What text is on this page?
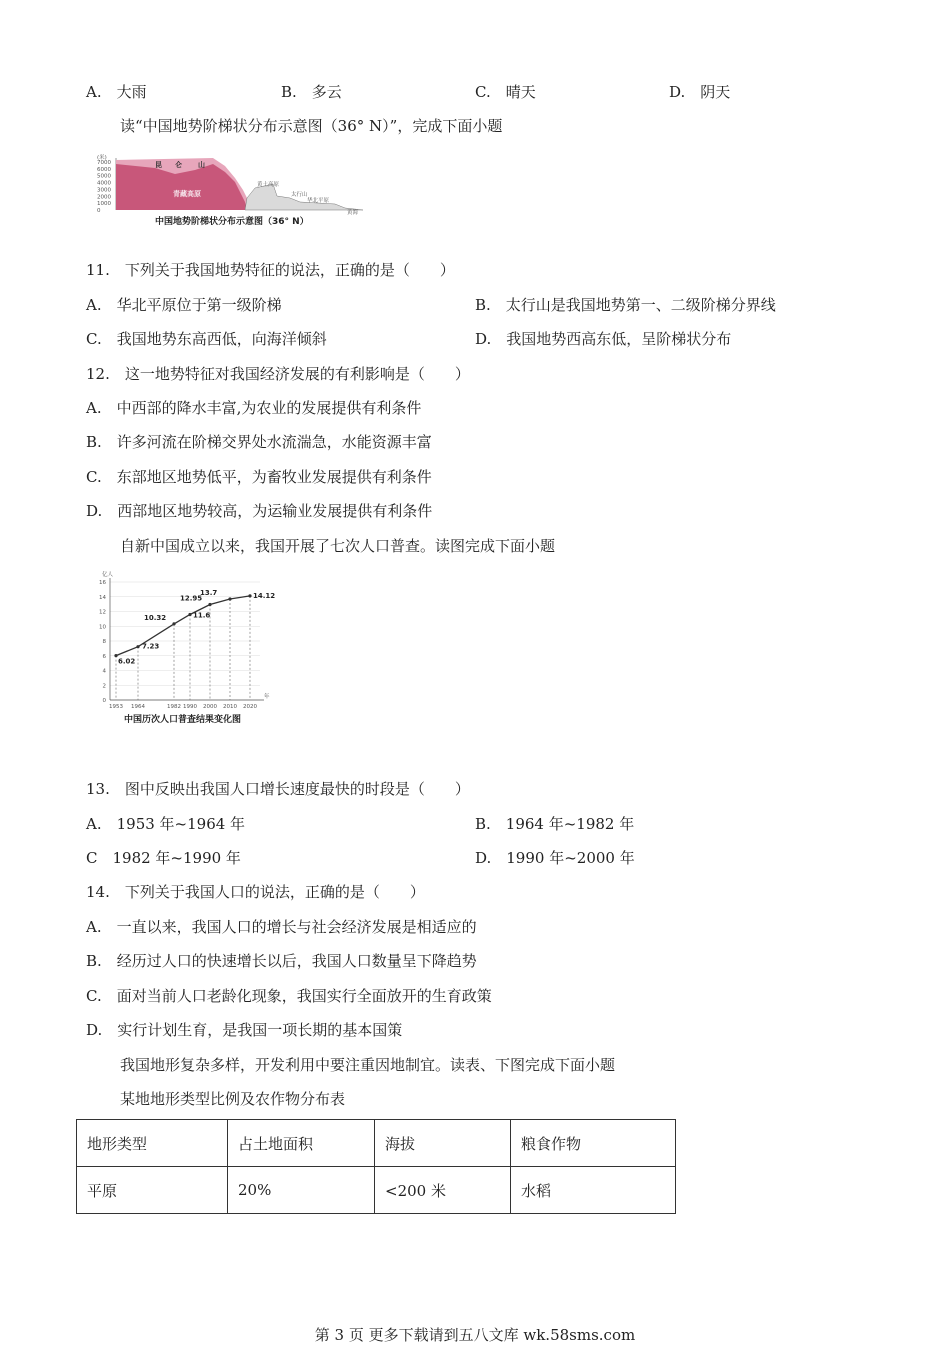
A.　大雨	B.　多云	C.　晴天	D.　阴天
读“中国地势阶梯状分布示意图（36° N）”，完成下面小题
(米)
7000
6000
5000
4000
3000
2000
1000
0
昆 仑 山
青藏高原
黄土高原
太行山
华北平原
黄海
中国地势阶梯状分布示意图（36° N）
11.　下列关于我国地势特征的说法，正确的是（　　）
A.　华北平原位于第一级阶梯	B.　太行山是我国地势第一、二级阶梯分界线
C.　我国地势东高西低，向海洋倾斜	D.　我国地势西高东低，呈阶梯状分布
12.　这一地势特征对我国经济发展的有利影响是（　　）
A.　中西部的降水丰富,为农业的发展提供有利条件
B.　许多河流在阶梯交界处水流湍急，水能资源丰富
C.　东部地区地势低平，为畜牧业发展提供有利条件
D.　西部地区地势较高，为运输业发展提供有利条件
自新中国成立以来，我国开展了七次人口普查。读图完成下面小题
0
2
4
6
8
10
12
14
16
亿人
年
1953 1964	1982 1990 2000 2010 2020
6.02
7.23
10.32	11.6
12.95
13.7	14.12
中国历次人口普查结果变化图
13.　图中反映出我国人口增长速度最快的时段是（　　）
A.　1953 年~1964 年	B.　1964 年~1982 年
C　1982 年~1990 年	D.　1990 年~2000 年
14.　下列关于我国人口的说法，正确的是（　　）
A.　一直以来，我国人口的增长与社会经济发展是相适应的
B.　经历过人口的快速增长以后，我国人口数量呈下降趋势
C.　面对当前人口老龄化现象，我国实行全面放开的生育政策
D.　实行计划生育，是我国一项长期的基本国策
我国地形复杂多样，开发利用中要注重因地制宜。读表、下图完成下面小题
某地地形类型比例及农作物分布表
地形类型	占土地面积	海拔	粮食作物
平原	20%	<200 米	水稻
第 3 页 更多下载请到五八文库 wk.58sms.com
